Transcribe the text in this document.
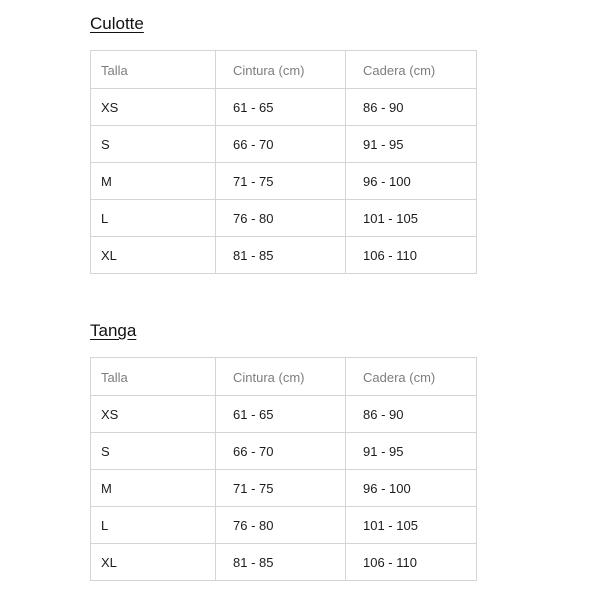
Culotte
Talla	Cintura (cm)	Cadera (cm)
XS	61 - 65	86 - 90
S	66 - 70	91 - 95
M	71 - 75	96 - 100
L	76 - 80	101 - 105
XL	81 - 85	106 - 110
Tanga
Talla	Cintura (cm)	Cadera (cm)
XS	61 - 65	86 - 90
S	66 - 70	91 - 95
M	71 - 75	96 - 100
L	76 - 80	101 - 105
XL	81 - 85	106 - 110
